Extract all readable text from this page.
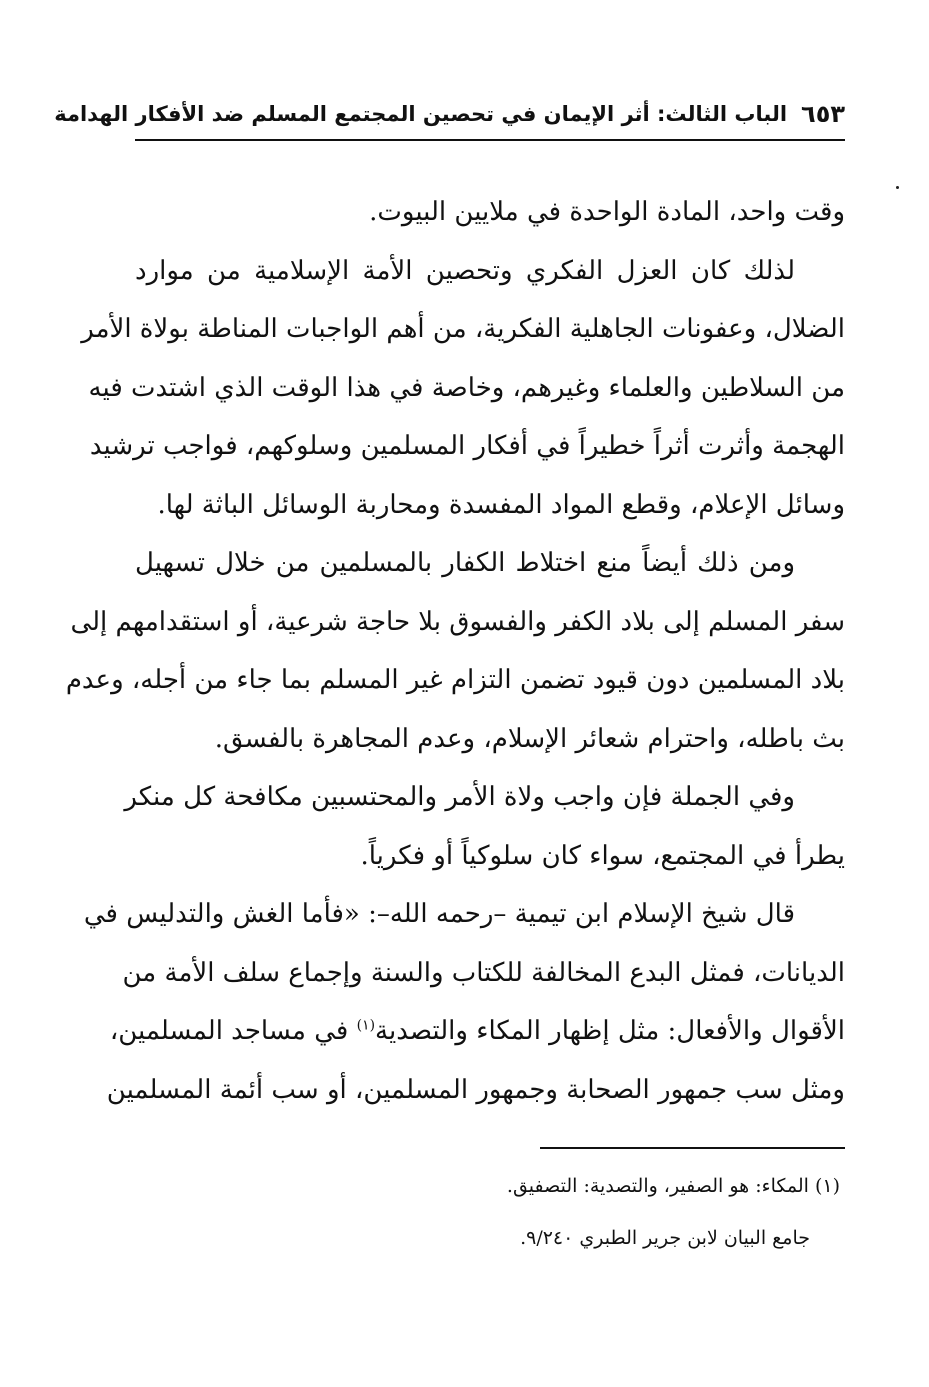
٦٥٣
الباب الثالث: أثر الإيمان في تحصين المجتمع المسلم ضد الأفكار الهدامة
وقت واحد، المادة الواحدة في ملايين البيوت.
لذلك كان العزل الفكري وتحصين الأمة الإسلامية من موارد
الضلال، وعفونات الجاهلية الفكرية، من أهم الواجبات المناطة بولاة الأمر
من السلاطين والعلماء وغيرهم، وخاصة في هذا الوقت الذي اشتدت فيه
الهجمة وأثرت أثراً خطيراً في أفكار المسلمين وسلوكهم، فواجب ترشيد
وسائل الإعلام، وقطع المواد المفسدة ومحاربة الوسائل الباثة لها.
ومن ذلك أيضاً منع اختلاط الكفار بالمسلمين من خلال تسهيل
سفر المسلم إلى بلاد الكفر والفسوق بلا حاجة شرعية، أو استقدامهم إلى
بلاد المسلمين دون قيود تضمن التزام غير المسلم بما جاء من أجله، وعدم
بث باطله، واحترام شعائر الإسلام، وعدم المجاهرة بالفسق.
وفي الجملة فإن واجب ولاة الأمر والمحتسبين مكافحة كل منكر
يطرأ في المجتمع، سواء كان سلوكياً أو فكرياً.
قال شيخ الإسلام ابن تيمية –رحمه الله–: «فأما الغش والتدليس في
الديانات، فمثل البدع المخالفة للكتاب والسنة وإجماع سلف الأمة من
الأقوال والأفعال: مثل إظهار المكاء والتصدية$^{(١)}$ في مساجد المسلمين،
ومثل سب جمهور الصحابة وجمهور المسلمين، أو سب أئمة المسلمين
(١) المكاء: هو الصفير، والتصدية: التصفيق.
جامع البيان لابن جرير الطبري ٩/٢٤٠.
